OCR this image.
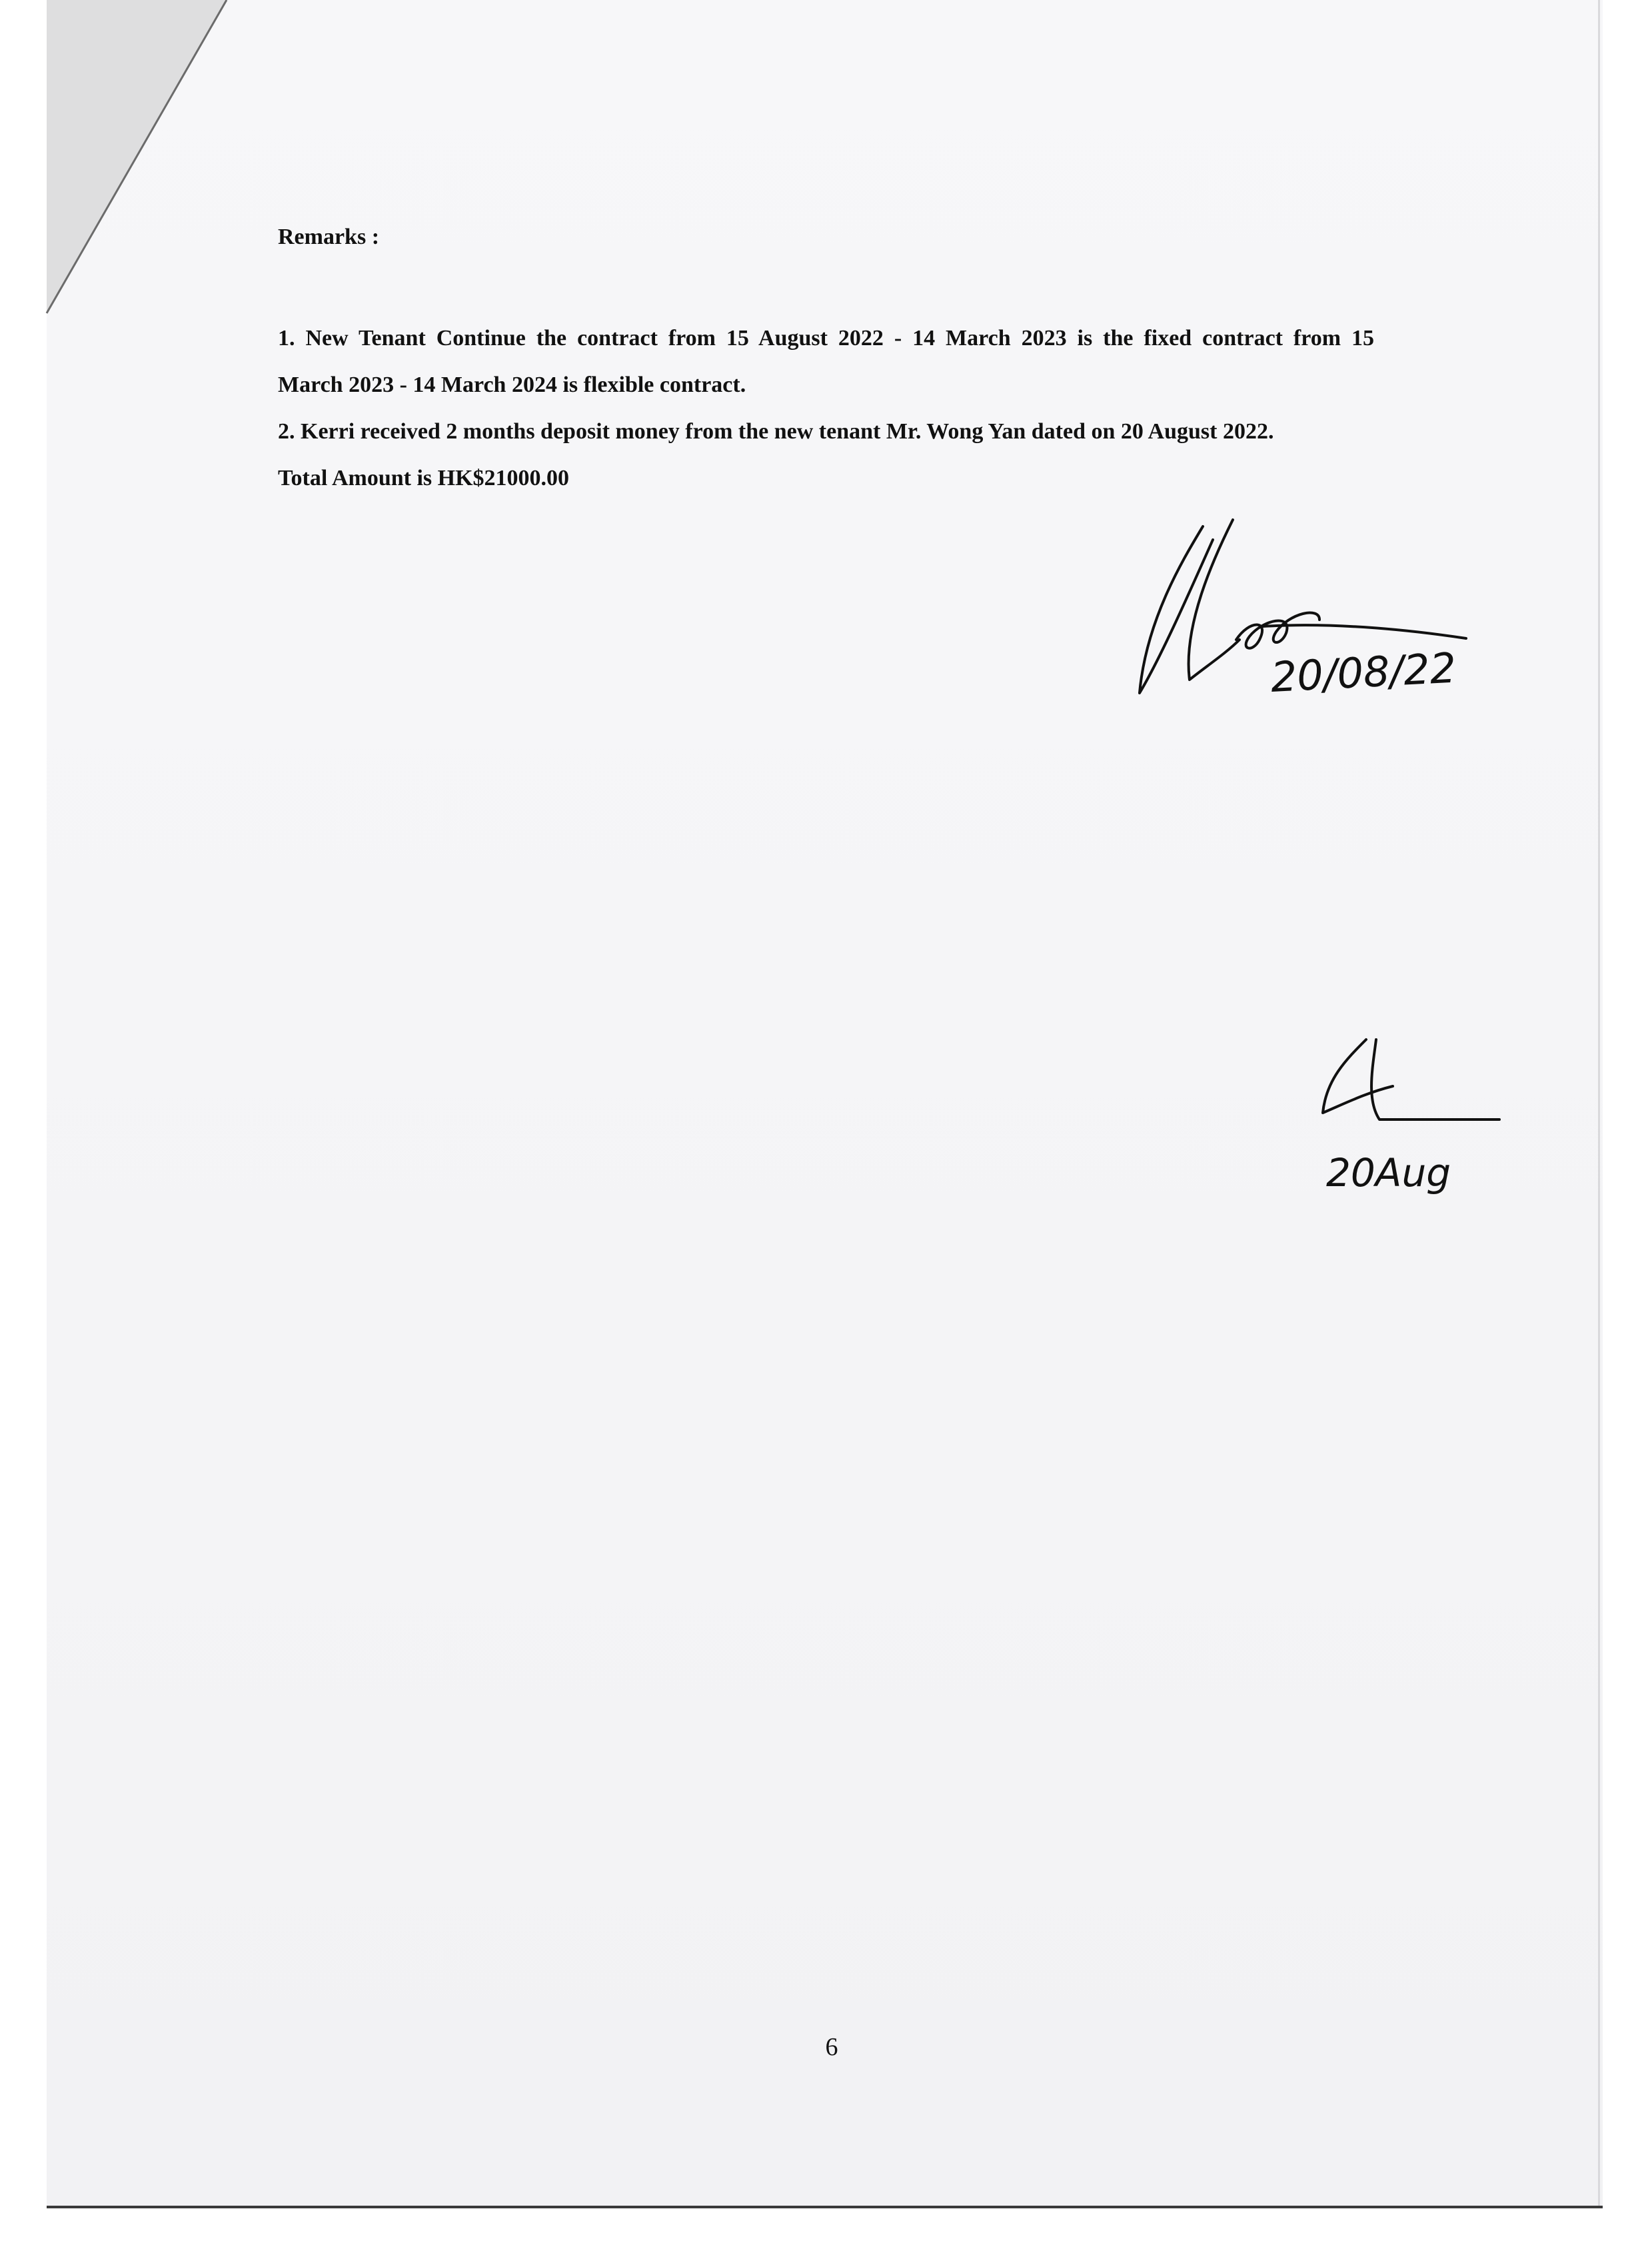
Remarks :
1. New Tenant Continue the contract from 15 August 2022 - 14 March 2023 is the fixed contract from 15
March 2023 - 14 March 2024 is flexible contract.
2. Kerri received 2 months deposit money from the new tenant Mr. Wong Yan dated on 20 August 2022.
Total Amount is HK$21000.00
20/08/22
20Aug
6
